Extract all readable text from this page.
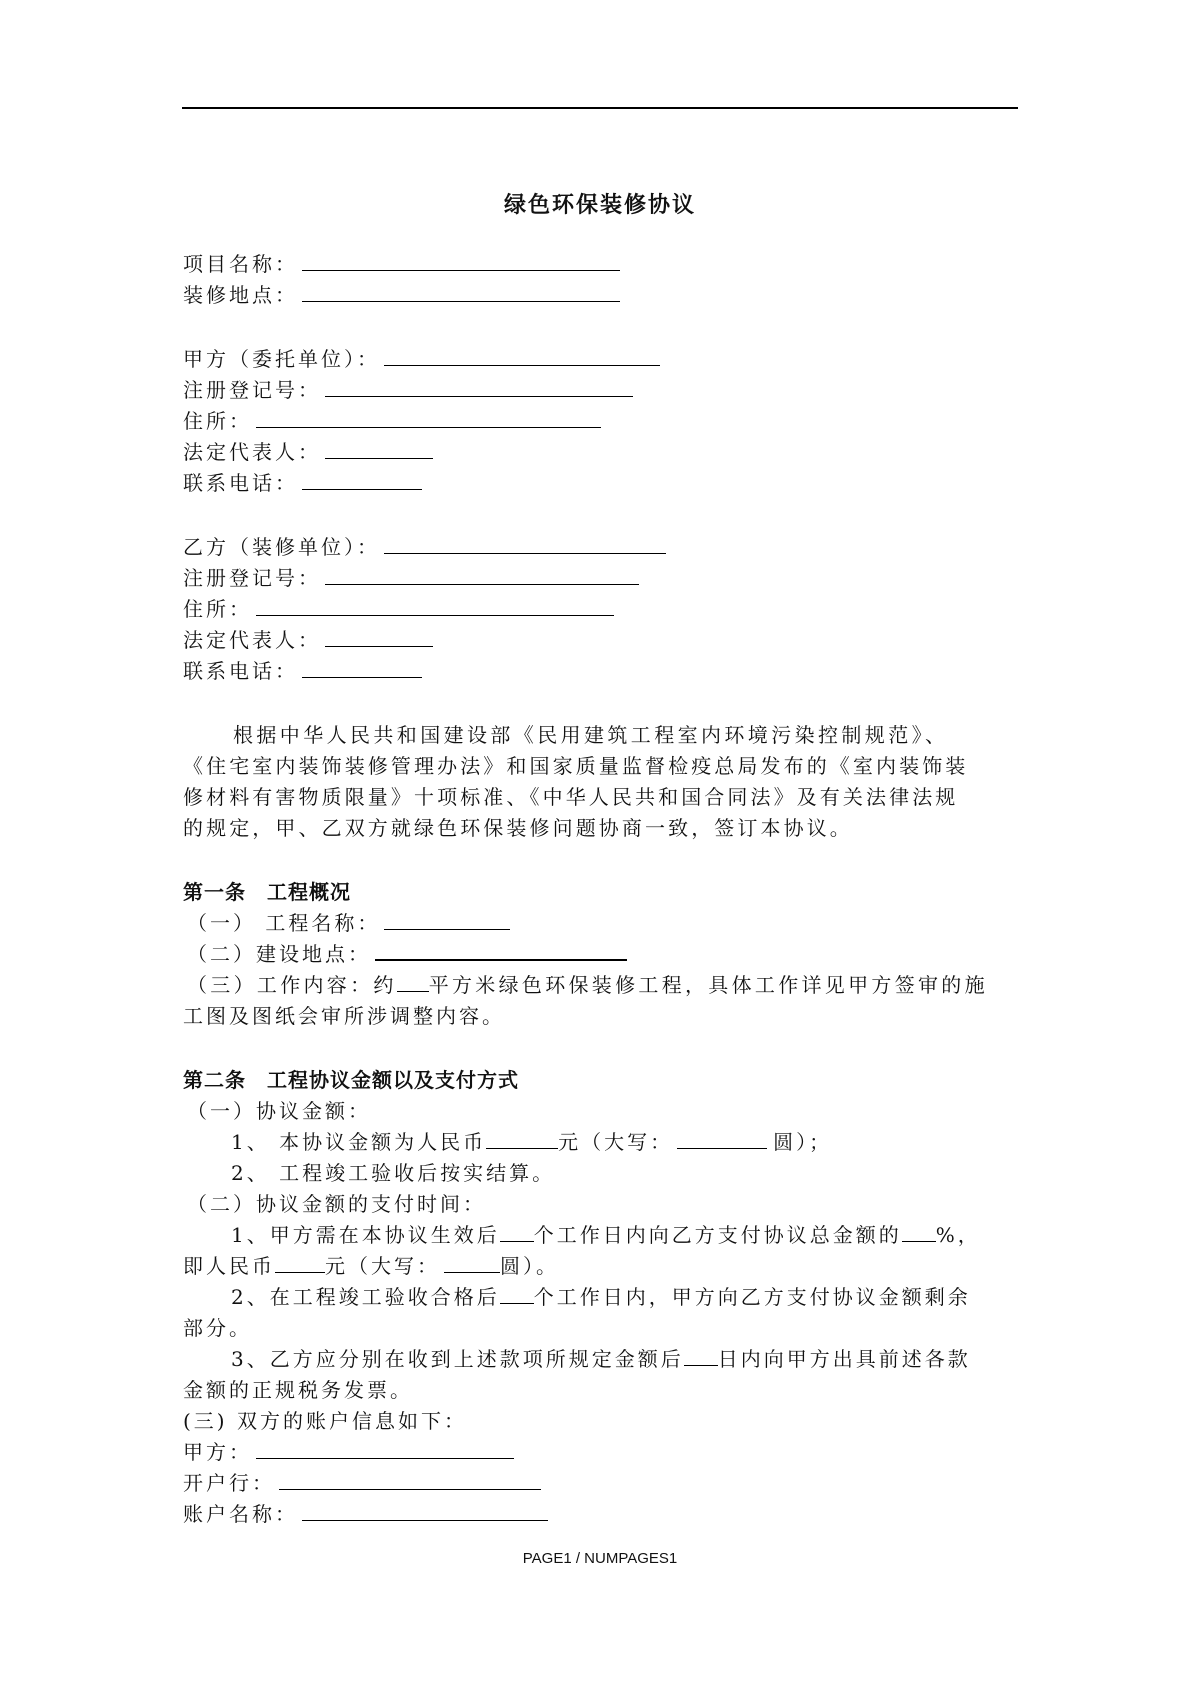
绿色环保装修协议
项目名称：
装修地点：
甲方（委托单位）：
注册登记号：
住所：
法定代表人：
联系电话：
乙方（装修单位）：
注册登记号：
住所：
法定代表人：
联系电话：
根据中华人民共和国建设部《民用建筑工程室内环境污染控制规范》、
《住宅室内装饰装修管理办法》和国家质量监督检疫总局发布的《室内装饰装
修材料有害物质限量》十项标准、《中华人民共和国合同法》及有关法律法规
的规定，甲、乙双方就绿色环保装修问题协商一致，签订本协议。
第一条　工程概况
（一） 工程名称：
（二）建设地点：
（三）工作内容：约 平方米绿色环保装修工程，具体工作详见甲方签审的施
工图及图纸会审所涉调整内容。
第二条　工程协议金额以及支付方式
（一）协议金额：
1、 本协议金额为人民币	元（大写：	圆）；
2、 工程竣工验收后按实结算。
（二）协议金额的支付时间：
1、甲方需在本协议生效后 个工作日内向乙方支付协议总金额的 %，
即人民币	元（大写：	圆）。
2、在工程竣工验收合格后 个工作日内，甲方向乙方支付协议金额剩余
部分。
3、乙方应分别在收到上述款项所规定金额后 日内向甲方出具前述各款
金额的正规税务发票。
(三) 双方的账户信息如下：
甲方：
开户行：
账户名称：
PAGE1 / NUMPAGES1
